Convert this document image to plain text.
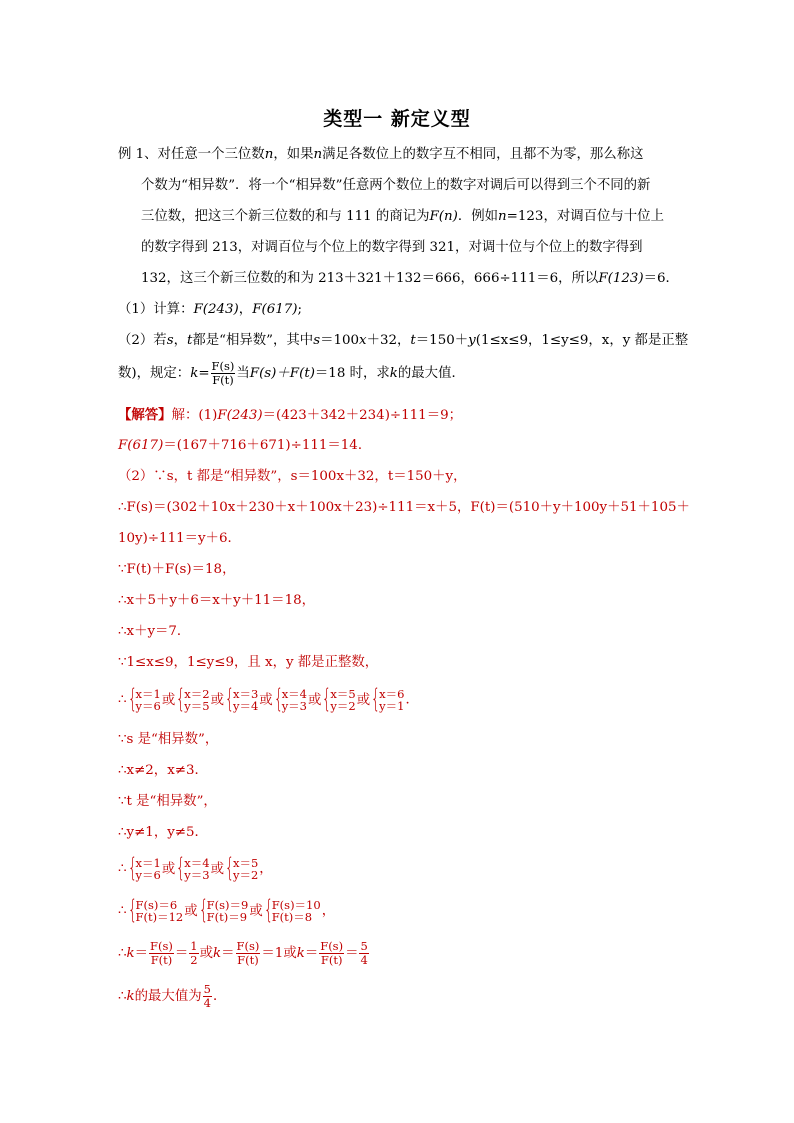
类型一 新定义型
例 1、对任意一个三位数n，如果n满足各数位上的数字互不相同，且都不为零，那么称这
个数为“相异数”．将一个“相异数”任意两个数位上的数字对调后可以得到三个不同的新
三位数，把这三个新三位数的和与 111 的商记为F(n)．例如n=123，对调百位与十位上
的数字得到 213，对调百位与个位上的数字得到 321，对调十位与个位上的数字得到
132，这三个新三位数的和为 213＋321＋132＝666，666÷111＝6，所以F(123)＝6．
（1）计算：F(243)，F(617);
（2）若s，t都是“相异数”，其中s＝100x＋32，t＝150＋y(1≤x≤9，1≤y≤9，x，y 都是正整
数)，规定：$k= \frac{F(s)}{F(t)}$ 当F(s)＋F(t)＝18 时，求k的最大值．
【解答】解：(1)F(243)＝(423＋342＋234)÷111＝9；
F(617)＝(167＋716＋671)÷111＝14．
（2）∵s，t 都是“相异数”，s＝100x＋32，t＝150＋y，
∴F(s)＝(302＋10x＋230＋x＋100x＋23)÷111＝x＋5，F(t)＝(510＋y＋100y＋51＋105＋
10y)÷111＝y＋6．
∵F(t)＋F(s)＝18，
∴x＋5＋y＋6＝x＋y＋11＝18，
∴x＋y＝7．
∵1≤x≤9，1≤y≤9，且 x，y 都是正整数，
∴ {
x＝1
y＝6 或 {
x＝2
y＝5 或 {
x＝3
y＝4 或 {
x＝4
y＝3 或 {
x＝5
y＝2 或 {
x＝6
y＝1 ．
∵s 是“相异数”，
∴x≠2，x≠3．
∵t 是“相异数”，
∴y≠1，y≠5．
∴ {
x＝1
y＝6 或 {
x＝4
y＝3 或 {
x＝5
y＝2 ，
∴ {
F(s)＝6
F(t)＝12 或 {
F(s)＝9
F(t)＝9 或 {
F(s)＝10
F(t)＝8 ，
∴k＝ $\frac{F(s)}{F(t)} = \frac{1}{2}$ 或$k= \frac{F(s)}{F(t)} =1$或$k= \frac{F(s)}{F(t)} = \frac{5}{4}$
∴k的最大值为 $\frac{5}{4}$ ．
